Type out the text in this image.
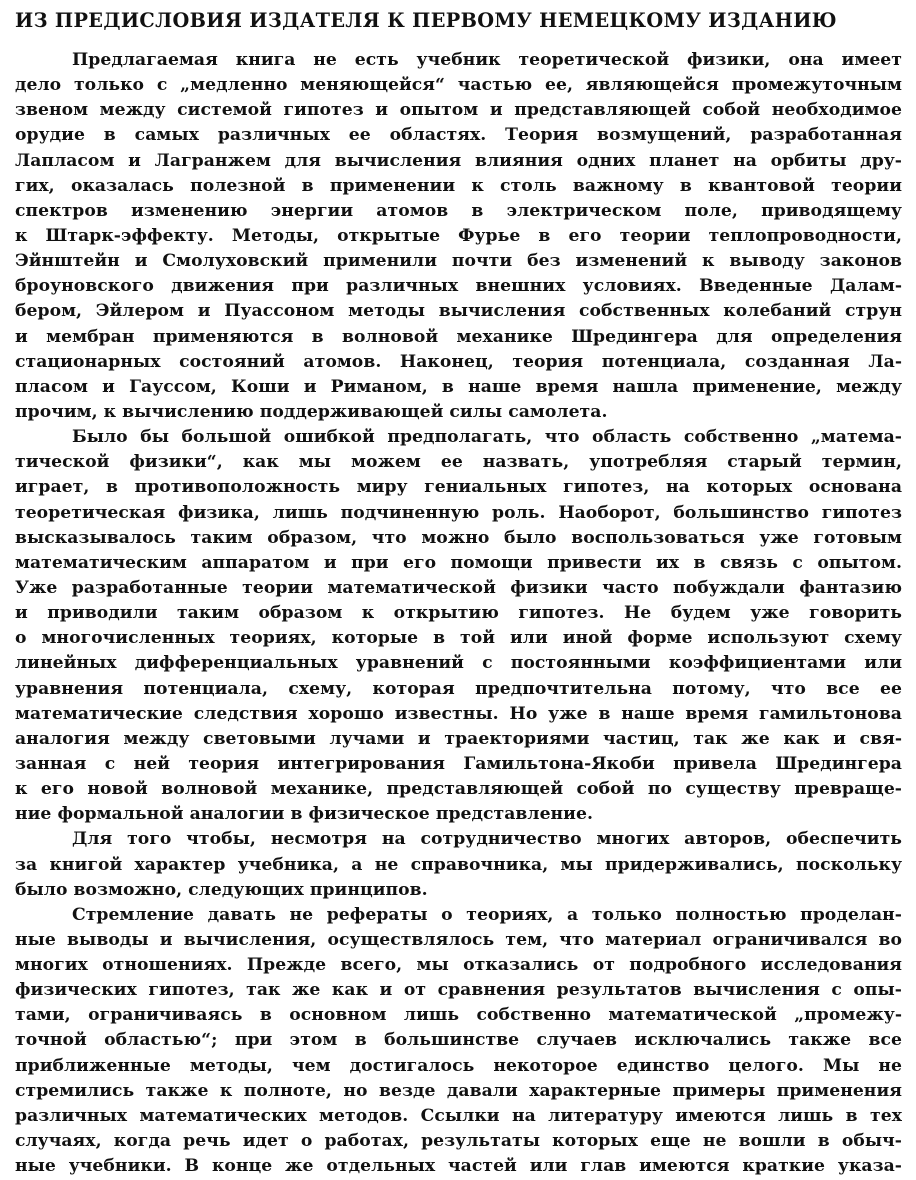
ИЗ ПРЕДИСЛОВИЯ ИЗДАТЕЛЯ К ПЕРВОМУ НЕМЕЦКОМУ ИЗДАНИЮ
Предлагаемая книга не есть учебник теоретической физики, она имеет
дело только с „медленно меняющейся“ частью ее, являющейся промежуточным
звеном между системой гипотез и опытом и представляющей собой необходимое
орудие в самых различных ее областях. Теория возмущений, разработанная
Лапласом и Лагранжем для вычисления влияния одних планет на орбиты дру-
гих, оказалась полезной в применении к столь важному в квантовой теории
спектров изменению энергии атомов в электрическом поле, приводящему
к Штарк-эффекту. Методы, открытые Фурье в его теории теплопроводности,
Эйнштейн и Смолуховский применили почти без изменений к выводу законов
броуновского движения при различных внешних условиях. Введенные Далам-
бером, Эйлером и Пуассоном методы вычисления собственных колебаний струн
и мембран применяются в волновой механике Шредингера для определения
стационарных состояний атомов. Наконец, теория потенциала, созданная Ла-
пласом и Гауссом, Коши и Риманом, в наше время нашла применение, между
прочим, к вычислению поддерживающей силы самолета.
Было бы большой ошибкой предполагать, что область собственно „матема-
тической физики“, как мы можем ее назвать, употребляя старый термин,
играет, в противоположность миру гениальных гипотез, на которых основана
теоретическая физика, лишь подчиненную роль. Наоборот, большинство гипотез
высказывалось таким образом, что можно было воспользоваться уже готовым
математическим аппаратом и при его помощи привести их в связь с опытом.
Уже разработанные теории математической физики часто побуждали фантазию
и приводили таким образом к открытию гипотез. Не будем уже говорить
о многочисленных теориях, которые в той или иной форме используют схему
линейных дифференциальных уравнений с постоянными коэффициентами или
уравнения потенциала, схему, которая предпочтительна потому, что все ее
математические следствия хорошо известны. Но уже в наше время гамильтонова
аналогия между световыми лучами и траекториями частиц, так же как и свя-
занная с ней теория интегрирования Гамильтона-Якоби привела Шредингера
к его новой волновой механике, представляющей собой по существу превраще-
ние формальной аналогии в физическое представление.
Для того чтобы, несмотря на сотрудничество многих авторов, обеспечить
за книгой характер учебника, а не справочника, мы придерживались, поскольку
было возможно, следующих принципов.
Стремление давать не рефераты о теориях, а только полностью проделан-
ные выводы и вычисления, осуществлялось тем, что материал ограничивался во
многих отношениях. Прежде всего, мы отказались от подробного исследования
физических гипотез, так же как и от сравнения результатов вычисления с опы-
тами, ограничиваясь в основном лишь собственно математической „промежу-
точной областью“; при этом в большинстве случаев исключались также все
приближенные методы, чем достигалось некоторое единство целого. Мы не
стремились также к полноте, но везде давали характерные примеры применения
различных математических методов. Ссылки на литературу имеются лишь в тех
случаях, когда речь идет о работах, результаты которых еще не вошли в обыч-
ные учебники. В конце же отдельных частей или глав имеются краткие указа-
